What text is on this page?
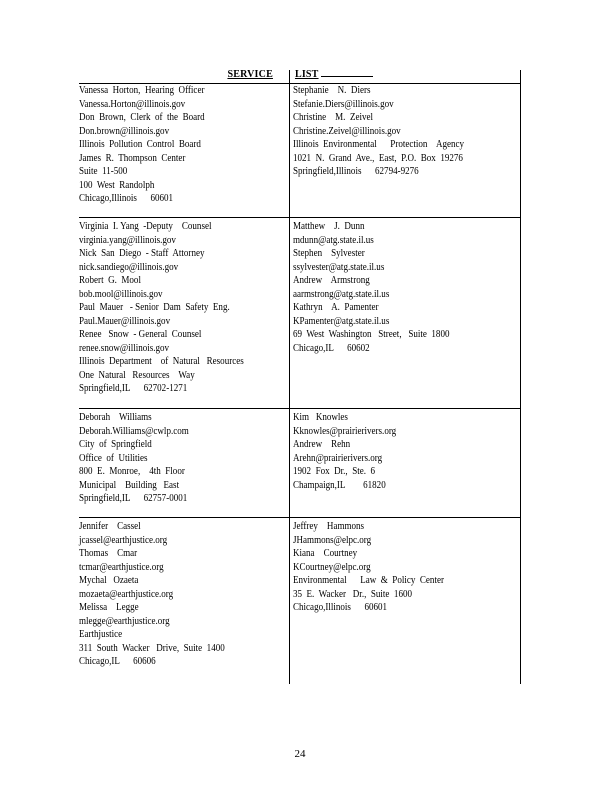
SERVICE LIST
Vanessa  Horton,  Hearing  Officer
Vanessa.Horton@illinois.gov
Don  Brown,  Clerk  of  the  Board
Don.brown@illinois.gov
Illinois  Pollution  Control  Board
James  R.  Thompson  Center
Suite  11-500
100  West  Randolph
Chicago,Illinois      60601
Stephanie    N.  Diers
Stefanie.Diers@illinois.gov
Christine    M.  Zeivel
Christine.Zeivel@illinois.gov
Illinois  Environmental      Protection    Agency
1021  N.  Grand  Ave.,  East,  P.O.  Box  19276
Springfield,Illinois      62794-9276
Virginia  I. Yang  -Deputy    Counsel
virginia.yang@illinois.gov
Nick  San  Diego  - Staff  Attorney
nick.sandiego@illinois.gov
Robert  G.  Mool
bob.mool@illinois.gov
Paul  Mauer   - Senior  Dam  Safety  Eng.
Paul.Mauer@illinois.gov
Renee   Snow  - General  Counsel
renee.snow@illinois.gov
Illinois  Department    of  Natural   Resources
One  Natural   Resources    Way
Springfield,IL      62702-1271
Matthew    J.  Dunn
mdunn@atg.state.il.us
Stephen    Sylvester
ssylvester@atg.state.il.us
Andrew    Armstrong
aarmstrong@atg.state.il.us
Kathryn    A.  Pamenter
KPamenter@atg.state.il.us
69  West  Washington   Street,   Suite  1800
Chicago,IL      60602
Deborah    Williams
Deborah.Williams@cwlp.com
City  of  Springfield
Office  of  Utilities
800  E.  Monroe,    4th  Floor
Municipal    Building   East
Springfield,IL      62757-0001
Kim   Knowles
Kknowles@prairierivers.org
Andrew    Rehn
Arehn@prairierivers.org
1902  Fox  Dr.,  Ste.  6
Champaign,IL        61820
Jennifer    Cassel
jcassel@earthjustice.org
Thomas    Cmar
tcmar@earthjustice.org
Mychal   Ozaeta
mozaeta@earthjustice.org
Melissa    Legge
mlegge@earthjustice.org
Earthjustice
311  South  Wacker   Drive,  Suite  1400
Chicago,IL      60606
Jeffrey    Hammons
JHammons@elpc.org
Kiana    Courtney
KCourtney@elpc.org
Environmental      Law  &  Policy  Center
35  E.  Wacker   Dr.,  Suite  1600
Chicago,Illinois      60601
24
